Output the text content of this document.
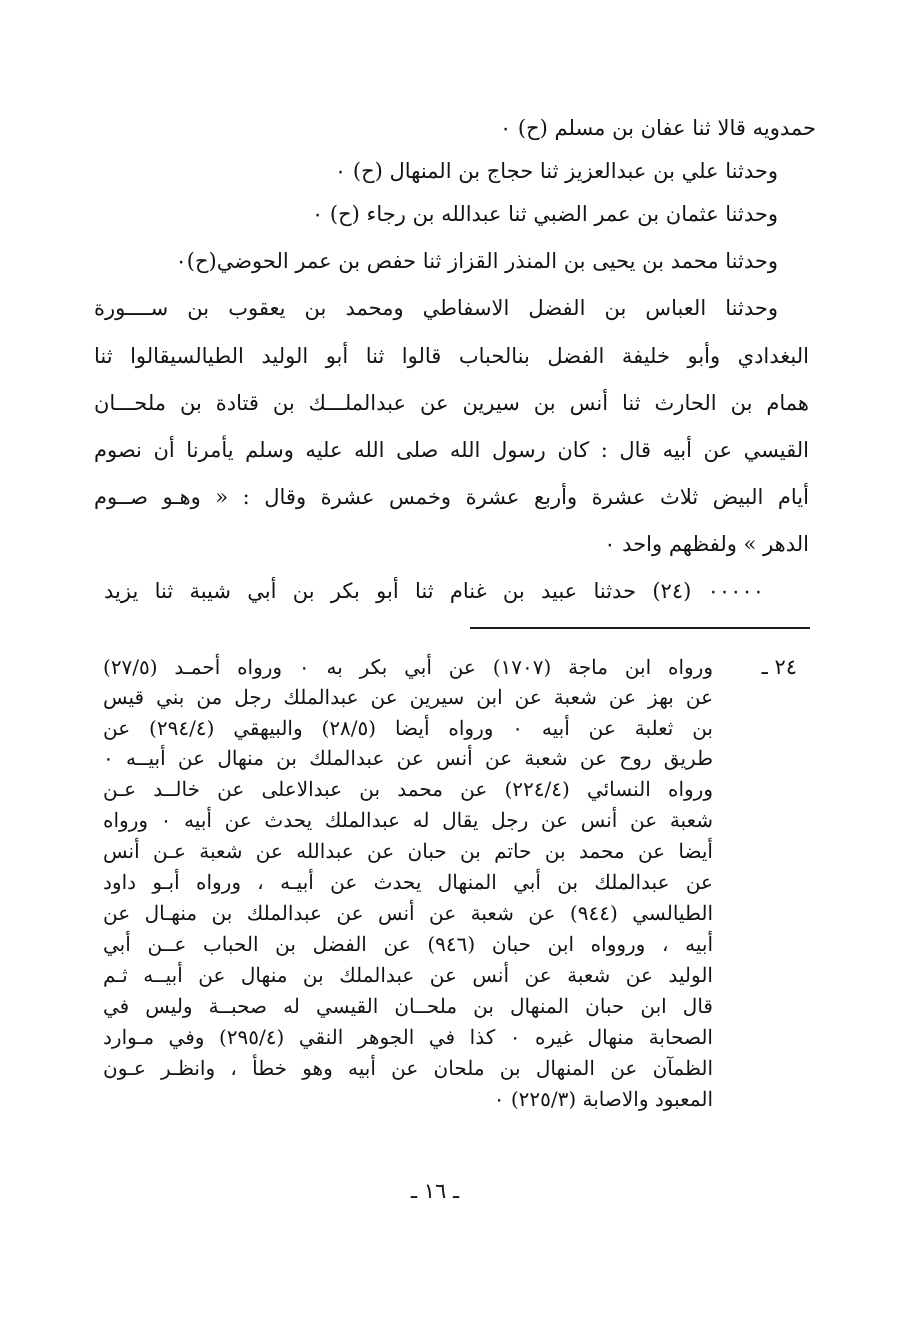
حمدويه قالا ثنا عفان بن مسلم (ح) ٠
وحدثنا علي بن عبدالعزيز ثنا حجاج بن المنهال (ح) ٠
وحدثنا عثمان بن عمر الضبي ثنا عبدالله بن رجاء (ح) ٠
وحدثنا محمد بن يحيى بن المنذر القزاز ثنا حفص بن عمر الحوضي(ح)٠
وحدثنا العباس بن الفضل الاسفاطي ومحمد بن يعقوب بن ســــورة
البغدادي وأبو خليفة الفضل بنالحباب قالوا ثنا أبو الوليد الطيالسيقالوا ثنا
همام بن الحارث ثنا أنس بن سيرين عن عبدالملـــك بن قتادة بن ملحـــان
القيسي عن أبيه قال : كان رسول الله صلى الله عليه وسلم يأمرنا أن نصوم
أيام البيض ثلاث عشرة وأربع عشرة وخمس عشرة وقال : « وهـو صــوم
الدهر » ولفظهم واحد ٠
٠٠٠٠٠ (٢٤) حدثنا عبيد بن غنام ثنا أبو بكر بن أبي شيبة ثنا يزيد
٢٤ ـ
ورواه ابن ماجة (١٧٠٧) عن أبي بكر به ٠ ورواه أحمـد (٢٧/٥)
عن بهز عن شعبة عن ابن سيرين عن عبدالملك رجل من بني قيس
بن ثعلبة عن أبيه ٠ ورواه أيضا (٢٨/٥) والبيهقي (٢٩٤/٤) عن
طريق روح عن شعبة عن أنس عن عبدالملك بن منهال عن أبيــه ٠
ورواه النسائي (٢٢٤/٤) عن محمد بن عبدالاعلى عن خالــد عـن
شعبة عن أنس عن رجل يقال له عبدالملك يحدث عن أبيه ٠ ورواه
أيضا عن محمد بن حاتم بن حبان عن عبدالله عن شعبة عـن أنس
عن عبدالملك بن أبي المنهال يحدث عن أبيـه ، ورواه أبـو داود
الطيالسي (٩٤٤) عن شعبة عن أنس عن عبدالملك بن منهـال عن
أبيه ، وروواه ابن حبان (٩٤٦) عن الفضل بن الحباب عــن أبي
الوليد عن شعبة عن أنس عن عبدالملك بن منهال عن أبيــه ثـم
قال ابن حبان المنهال بن ملحــان القيسي له صحبــة وليس في
الصحابة منهال غيره ٠ كذا في الجوهر النقي (٢٩٥/٤) وفي مـوارد
الظمآن عن المنهال بن ملحان عن أبيه وهو خطأ ، وانظـر عـون
المعبود والاصابة (٢٢٥/٣) ٠
ـ ١٦ ـ
